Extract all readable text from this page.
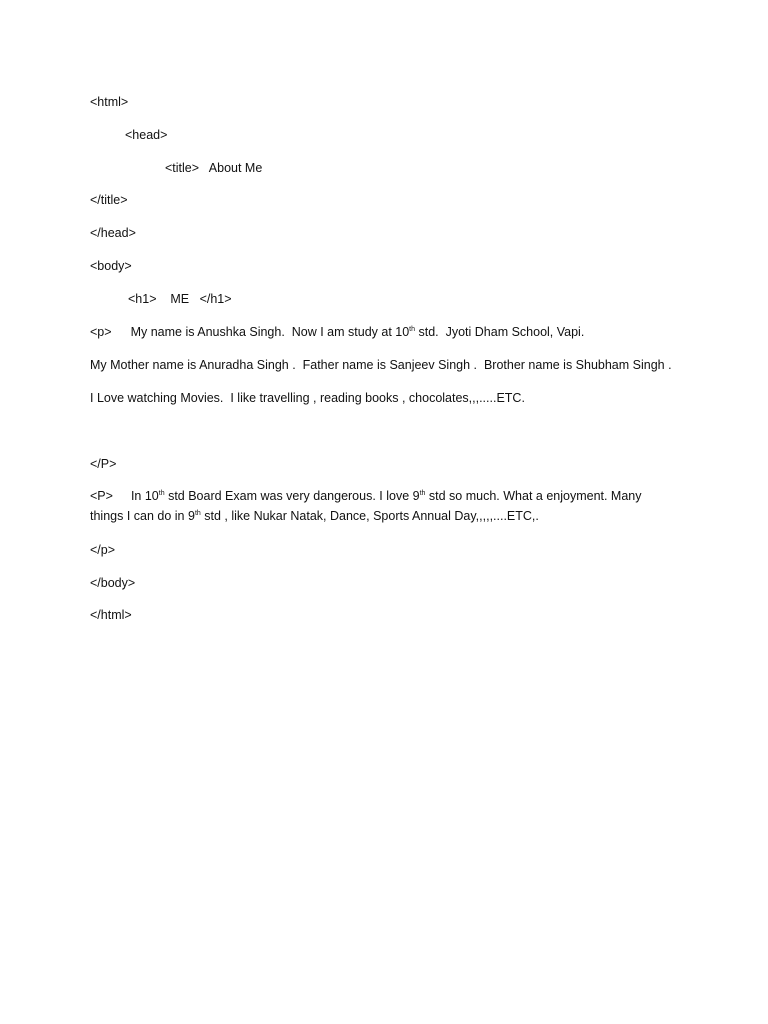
<html>
<head>
<title>   About Me
</title>
</head>
<body>
<h1>    ME   </h1>
<p> My name is Anushka Singh.  Now I am study at 10th std.  Jyoti Dham School, Vapi.
My Mother name is Anuradha Singh .  Father name is Sanjeev Singh .  Brother name is Shubham Singh .
I Love watching Movies.  I like travelling , reading books , chocolates,,,.....ETC.
</P>
<P> In 10th std Board Exam was very dangerous. I love 9th std so much. What a enjoyment. Many things I can do in 9th std , like Nukar Natak, Dance, Sports Annual Day,,,,,....ETC,.
</p>
</body>
</html>
